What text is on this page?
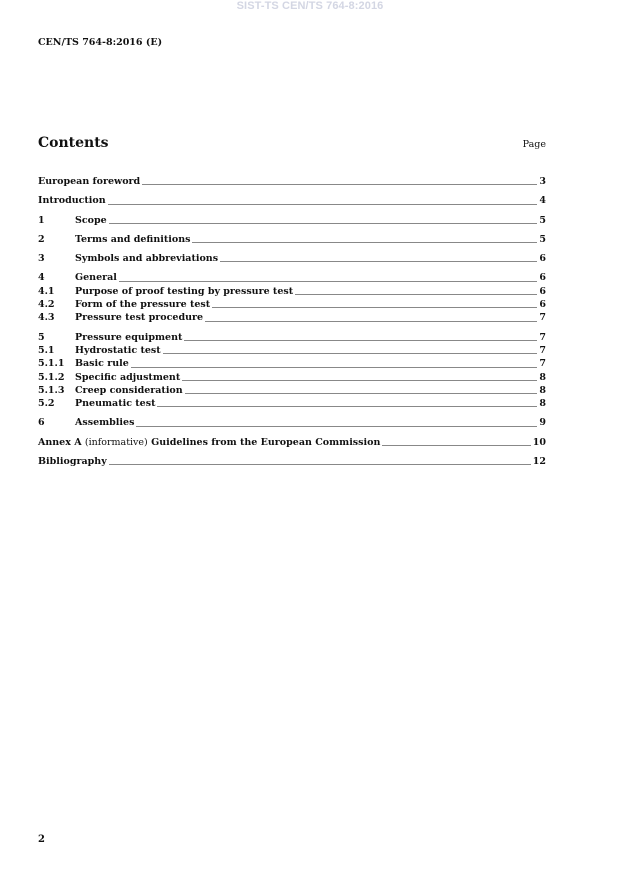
SIST-TS CEN/TS 764-8:2016
CEN/TS 764-8:2016 (E)
Contents	Page
European foreword	3
Introduction	4
1	Scope	5
2	Terms and definitions	5
3	Symbols and abbreviations	6
4	General	6
4.1	Purpose of proof testing by pressure test	6
4.2	Form of the pressure test	6
4.3	Pressure test procedure	7
5	Pressure equipment	7
5.1	Hydrostatic test	7
5.1.1	Basic rule	7
5.1.2	Specific adjustment	8
5.1.3	Creep consideration	8
5.2	Pneumatic test	8
6	Assemblies	9
Annex A (informative) Guidelines from the European Commission	10
Bibliography	12
2
